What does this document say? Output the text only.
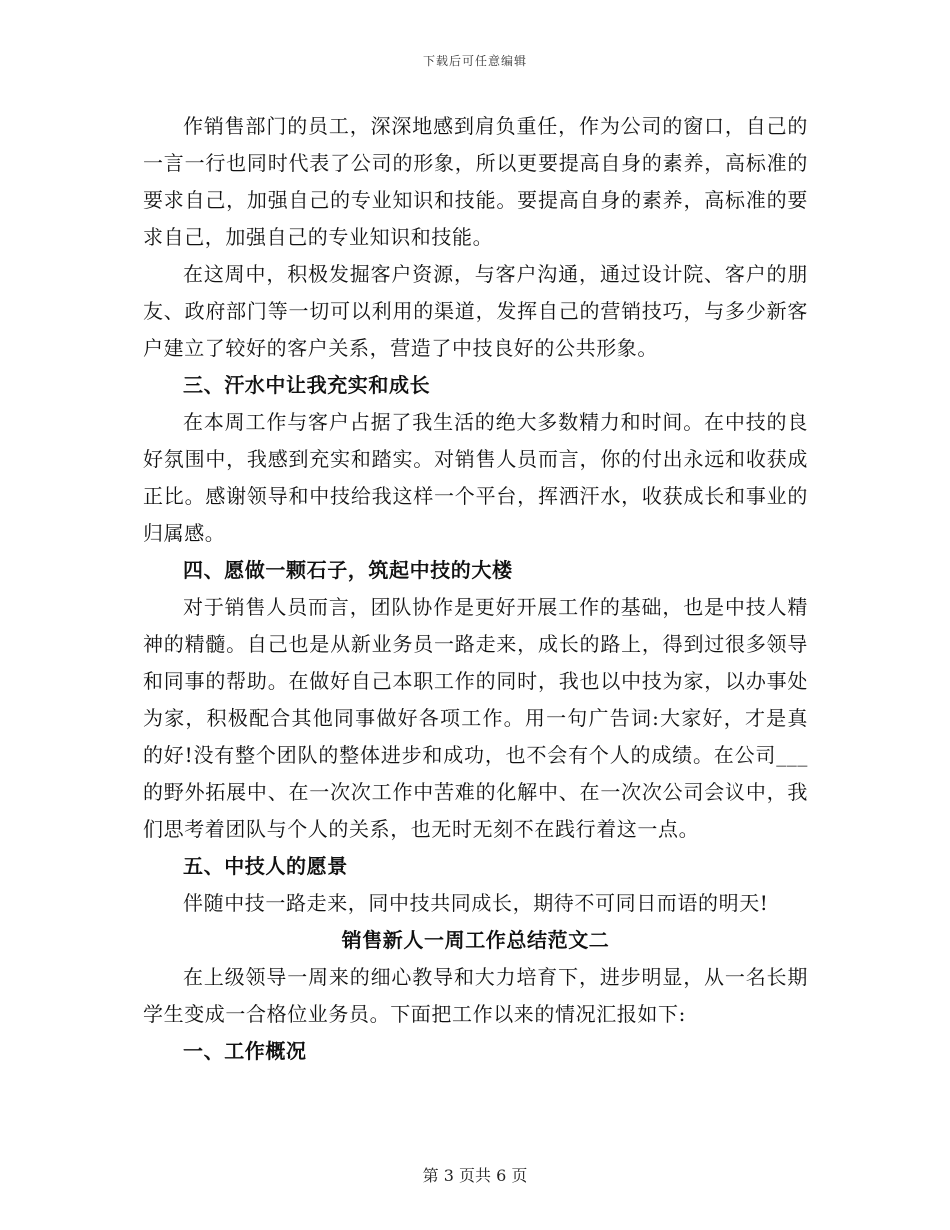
下载后可任意编辑

作销售部门的员工，深深地感到肩负重任，作为公司的窗口，自己的一言一行也同时代表了公司的形象，所以更要提高自身的素养，高标准的要求自己，加强自己的专业知识和技能。要提高自身的素养，高标准的要求自己，加强自己的专业知识和技能。

在这周中，积极发掘客户资源，与客户沟通，通过设计院、客户的朋友、政府部门等一切可以利用的渠道，发挥自己的营销技巧，与多少新客户建立了较好的客户关系，营造了中技良好的公共形象。

三、汗水中让我充实和成长

在本周工作与客户占据了我生活的绝大多数精力和时间。在中技的良好氛围中，我感到充实和踏实。对销售人员而言，你的付出永远和收获成正比。感谢领导和中技给我这样一个平台，挥洒汗水，收获成长和事业的归属感。

四、愿做一颗石子，筑起中技的大楼

对于销售人员而言，团队协作是更好开展工作的基础，也是中技人精神的精髓。自己也是从新业务员一路走来，成长的路上，得到过很多领导和同事的帮助。在做好自己本职工作的同时，我也以中技为家，以办事处为家，积极配合其他同事做好各项工作。用一句广告词:大家好，才是真的好!没有整个团队的整体进步和成功，也不会有个人的成绩。在公司___的野外拓展中、在一次次工作中苦难的化解中、在一次次公司会议中，我们思考着团队与个人的关系，也无时无刻不在践行着这一点。

五、中技人的愿景

伴随中技一路走来，同中技共同成长，期待不可同日而语的明天!

销售新人一周工作总结范文二

在上级领导一周来的细心教导和大力培育下，进步明显，从一名长期学生变成一合格位业务员。下面把工作以来的情况汇报如下:

一、工作概况

第 3 页共 6 页
